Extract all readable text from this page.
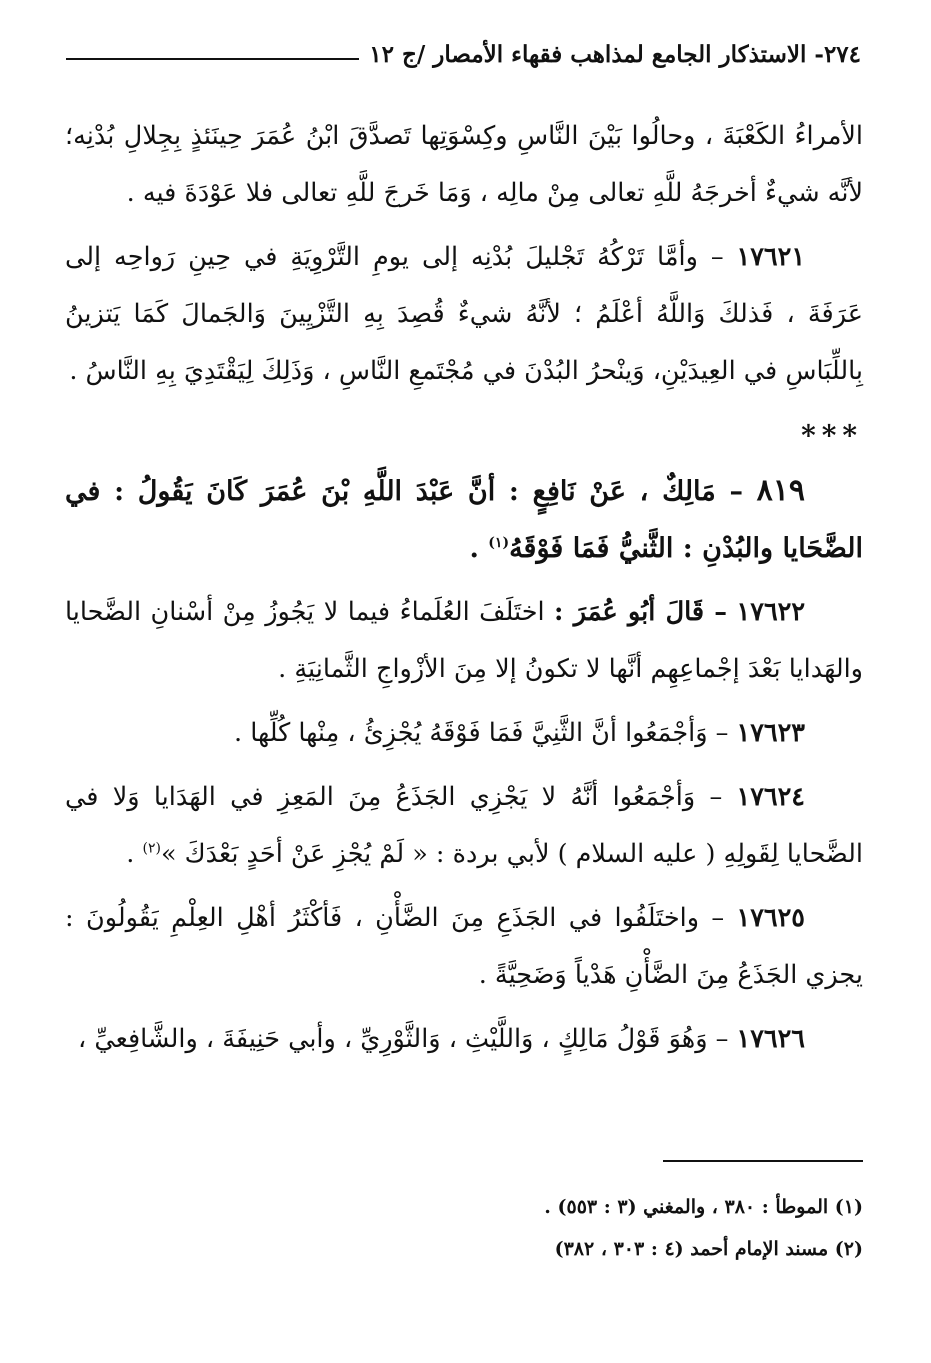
٢٧٤- الاستذكار الجامع لمذاهب فقهاء الأمصار /ج ١٢

الأمراءُ الكَعْبَةَ ، وحالُوا بَيْنَ النَّاسِ وكِسْوَتِها تَصدَّقَ ابْنُ عُمَرَ حِينَئذٍ بِجِلالِ بُدْنِه؛ لأنَّه شيءٌ أخرجَهُ للَّهِ تعالى مِنْ مالِه ، وَمَا خَرجَ للَّهِ تعالى فلا عَوْدَةَ فيه .

١٧٦٢١ – وأمَّا تَرْكُهُ تَجْليلَ بُدْنِه إلى يومِ التَّرْوِيَةِ في حِينِ رَواحِه إلى عَرَفَةَ ، فَذلكَ وَاللَّهُ أعْلَمُ ؛ لأنَّهُ شيءٌ قُصِدَ بِهِ التَّزْيِينَ وَالجَمالَ كَمَا يَتزينُ بِاللِّبَاسِ في العِيدَيْنِ، وَينْحرُ البُدْنَ في مُجْتَمعِ النَّاسِ ، وَذَلِكَ لِيَقْتَدِيَ بِهِ النَّاسُ .

***

٨١٩ – مَالِكٌ ، عَنْ نَافِعٍ : أنَّ عَبْدَ اللَّهِ بْنَ عُمَرَ كَانَ يَقُولُ : في الضَّحَايا والبُدْنِ : الثَّنيُّ فَمَا فَوْقَهُ$^{(١)}$ .

١٧٦٢٢ – قَالَ أبُو عُمَرَ : اختَلَفَ العُلَماءُ فيما لا يَجُوزُ مِنْ أسْنانِ الضَّحايا والهَدايا بَعْدَ إجْماعِهِم أنَّها لا تكونُ إلا مِنَ الأزْواجِ الثَّمانِيَةِ .

١٧٦٢٣ – وَأجْمَعُوا أنَّ الثَّنِيَّ فَمَا فَوْقَهُ يُجْزِئُ ، مِنْها كُلِّها .

١٧٦٢٤ – وَأجْمَعُوا أنَّهُ لا يَجْزِي الجَذَعُ مِنَ المَعِزِ في الهَدَايا وَلا في الضَّحايا لِقَولِهِ ( عليه السلام ) لأبي بردة : « لَمْ يُجْزِ عَنْ أحَدٍ بَعْدَكَ »$^{(٢)}$ .

١٧٦٢٥ – واختَلَفُوا في الجَذَعِ مِنَ الضَّأْنِ ، فَأكْثَرُ أهْلِ العِلْمِ يَقُولُونَ : يجزي الجَذَعُ مِنَ الضَّأْنِ هَدْياً وَضَحِيَّةً .

١٧٦٢٦ – وَهُوَ قَوْلُ مَالِكٍ ، وَاللَّيْثِ ، وَالثَّوْرِيِّ ، وأبي حَنِيفَةَ ، والشَّافِعيِّ ،

(١) الموطأ : ٣٨٠ ، والمغني (٣ : ٥٥٣) .

(٢) مسند الإمام أحمد (٤ : ٣٠٣ ، ٣٨٢)
